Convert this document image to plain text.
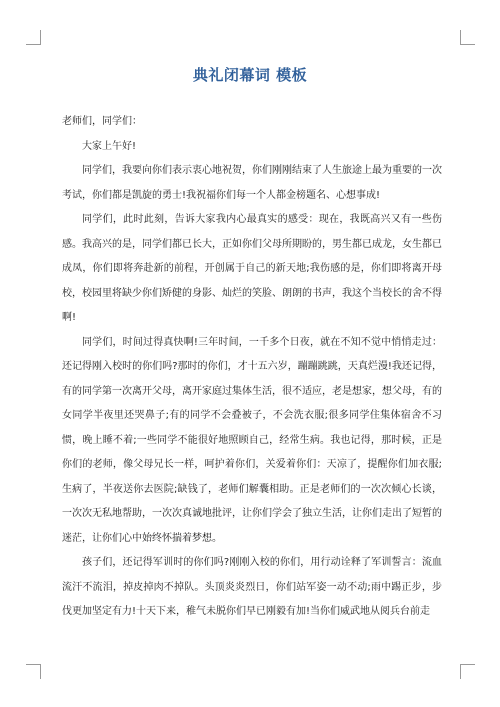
典礼闭幕词 模板

老师们，同学们：

大家上午好!

同学们，我要向你们表示衷心地祝贺，你们刚刚结束了人生旅途上最为重要的一次考试，你们都是凯旋的勇士!我祝福你们每一个人都金榜题名、心想事成!

同学们，此时此刻，告诉大家我内心最真实的感受：现在，我既高兴又有一些伤感。我高兴的是，同学们都已长大，正如你们父母所期盼的，男生都已成龙，女生都已成凤，你们即将奔赴新的前程，开创属于自己的新天地;我伤感的是，你们即将离开母校，校园里将缺少你们矫健的身影、灿烂的笑脸、朗朗的书声，我这个当校长的舍不得啊!

同学们，时间过得真快啊!三年时间，一千多个日夜，就在不知不觉中悄悄走过：还记得刚入校时的你们吗?那时的你们，才十五六岁，蹦蹦跳跳，天真烂漫!我还记得，有的同学第一次离开父母，离开家庭过集体生活，很不适应，老是想家，想父母，有的女同学半夜里还哭鼻子;有的同学不会叠被子，不会洗衣服;很多同学住集体宿舍不习惯，晚上睡不着;一些同学不能很好地照顾自己，经常生病。我也记得，那时候，正是你们的老师，像父母兄长一样，呵护着你们，关爱着你们：天凉了，提醒你们加衣服;生病了，半夜送你去医院;缺钱了，老师们解囊相助。正是老师们的一次次倾心长谈，一次次无私地帮助，一次次真诚地批评，让你们学会了独立生活，让你们走出了短暂的迷茫，让你们心中始终怀揣着梦想。

孩子们，还记得军训时的你们吗?刚刚入校的你们，用行动诠释了军训誓言：流血流汗不流泪，掉皮掉肉不掉队。头顶炎炎烈日，你们站军姿一动不动;雨中踢正步，步伐更加坚定有力!十天下来，稚气未脱你们早已刚毅有加!当你们威武地从阅兵台前走
